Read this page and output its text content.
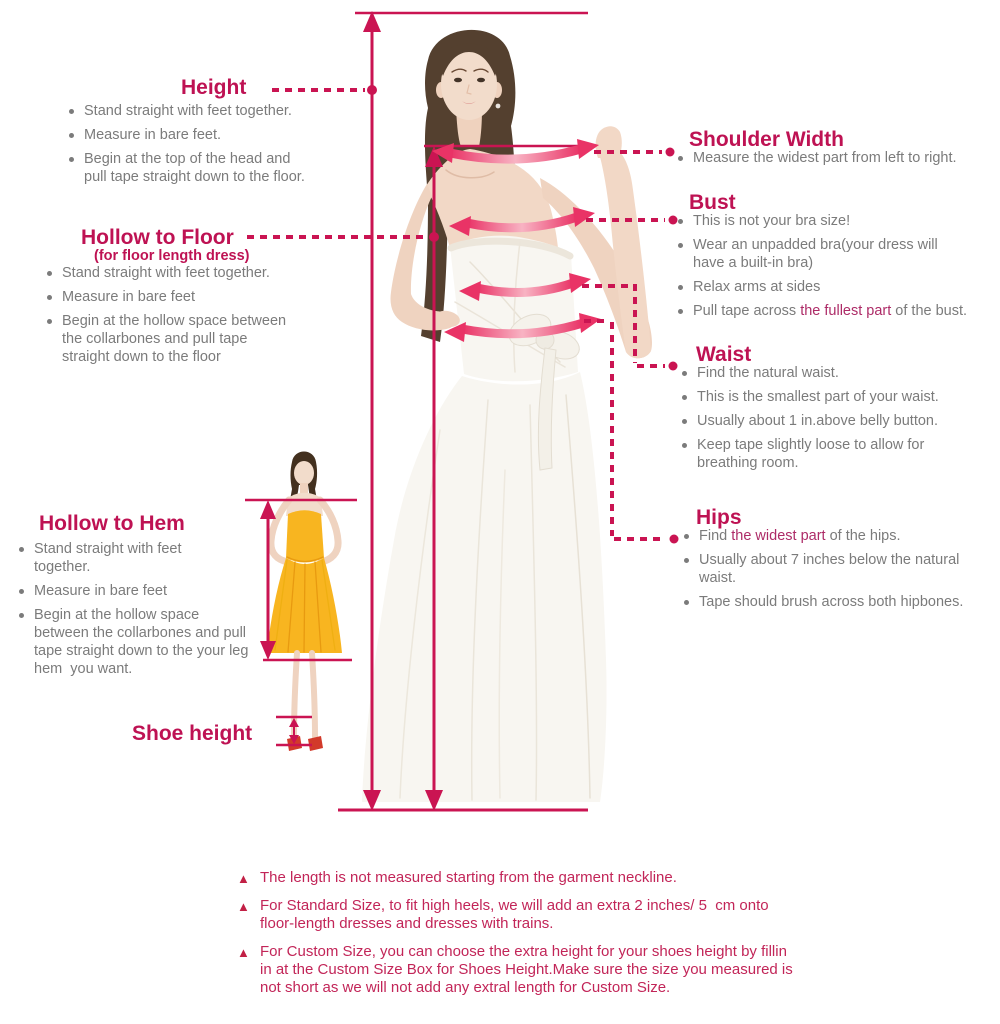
Height
Stand straight with feet together.
Measure in bare feet.
Begin at the top of the head and
pull tape straight down to the floor.
Hollow to Floor
(for floor length dress)
Stand straight with feet together.
Measure in bare feet
Begin at the hollow space between
the collarbones and pull tape
straight down to the floor
Hollow to Hem
Stand straight with feet
together.
Measure in bare feet
Begin at the hollow space
between the collarbones and pull
tape straight down to the your leg
hem  you want.
Shoe height
Shoulder Width
Measure the widest part from left to right.
Bust
This is not your bra size!
Wear an unpadded bra(your dress will
have a built-in bra)
Relax arms at sides
Pull tape across the fullest part of the bust.
Waist
Find the natural waist.
This is the smallest part of your waist.
Usually about 1 in.above belly button.
Keep tape slightly loose to allow for
breathing room.
Hips
Find the widest part of the hips.
Usually about 7 inches below the natural
waist.
Tape should brush across both hipbones.
▲ The length is not measured starting from the garment neckline.
▲ For Standard Size, to fit high heels, we will add an extra 2 inches/ 5  cm onto
floor-length dresses and dresses with trains.
▲ For Custom Size, you can choose the extra height for your shoes height by fillin
in at the Custom Size Box for Shoes Height.Make sure the size you measured is
not short as we will not add any extral length for Custom Size.
